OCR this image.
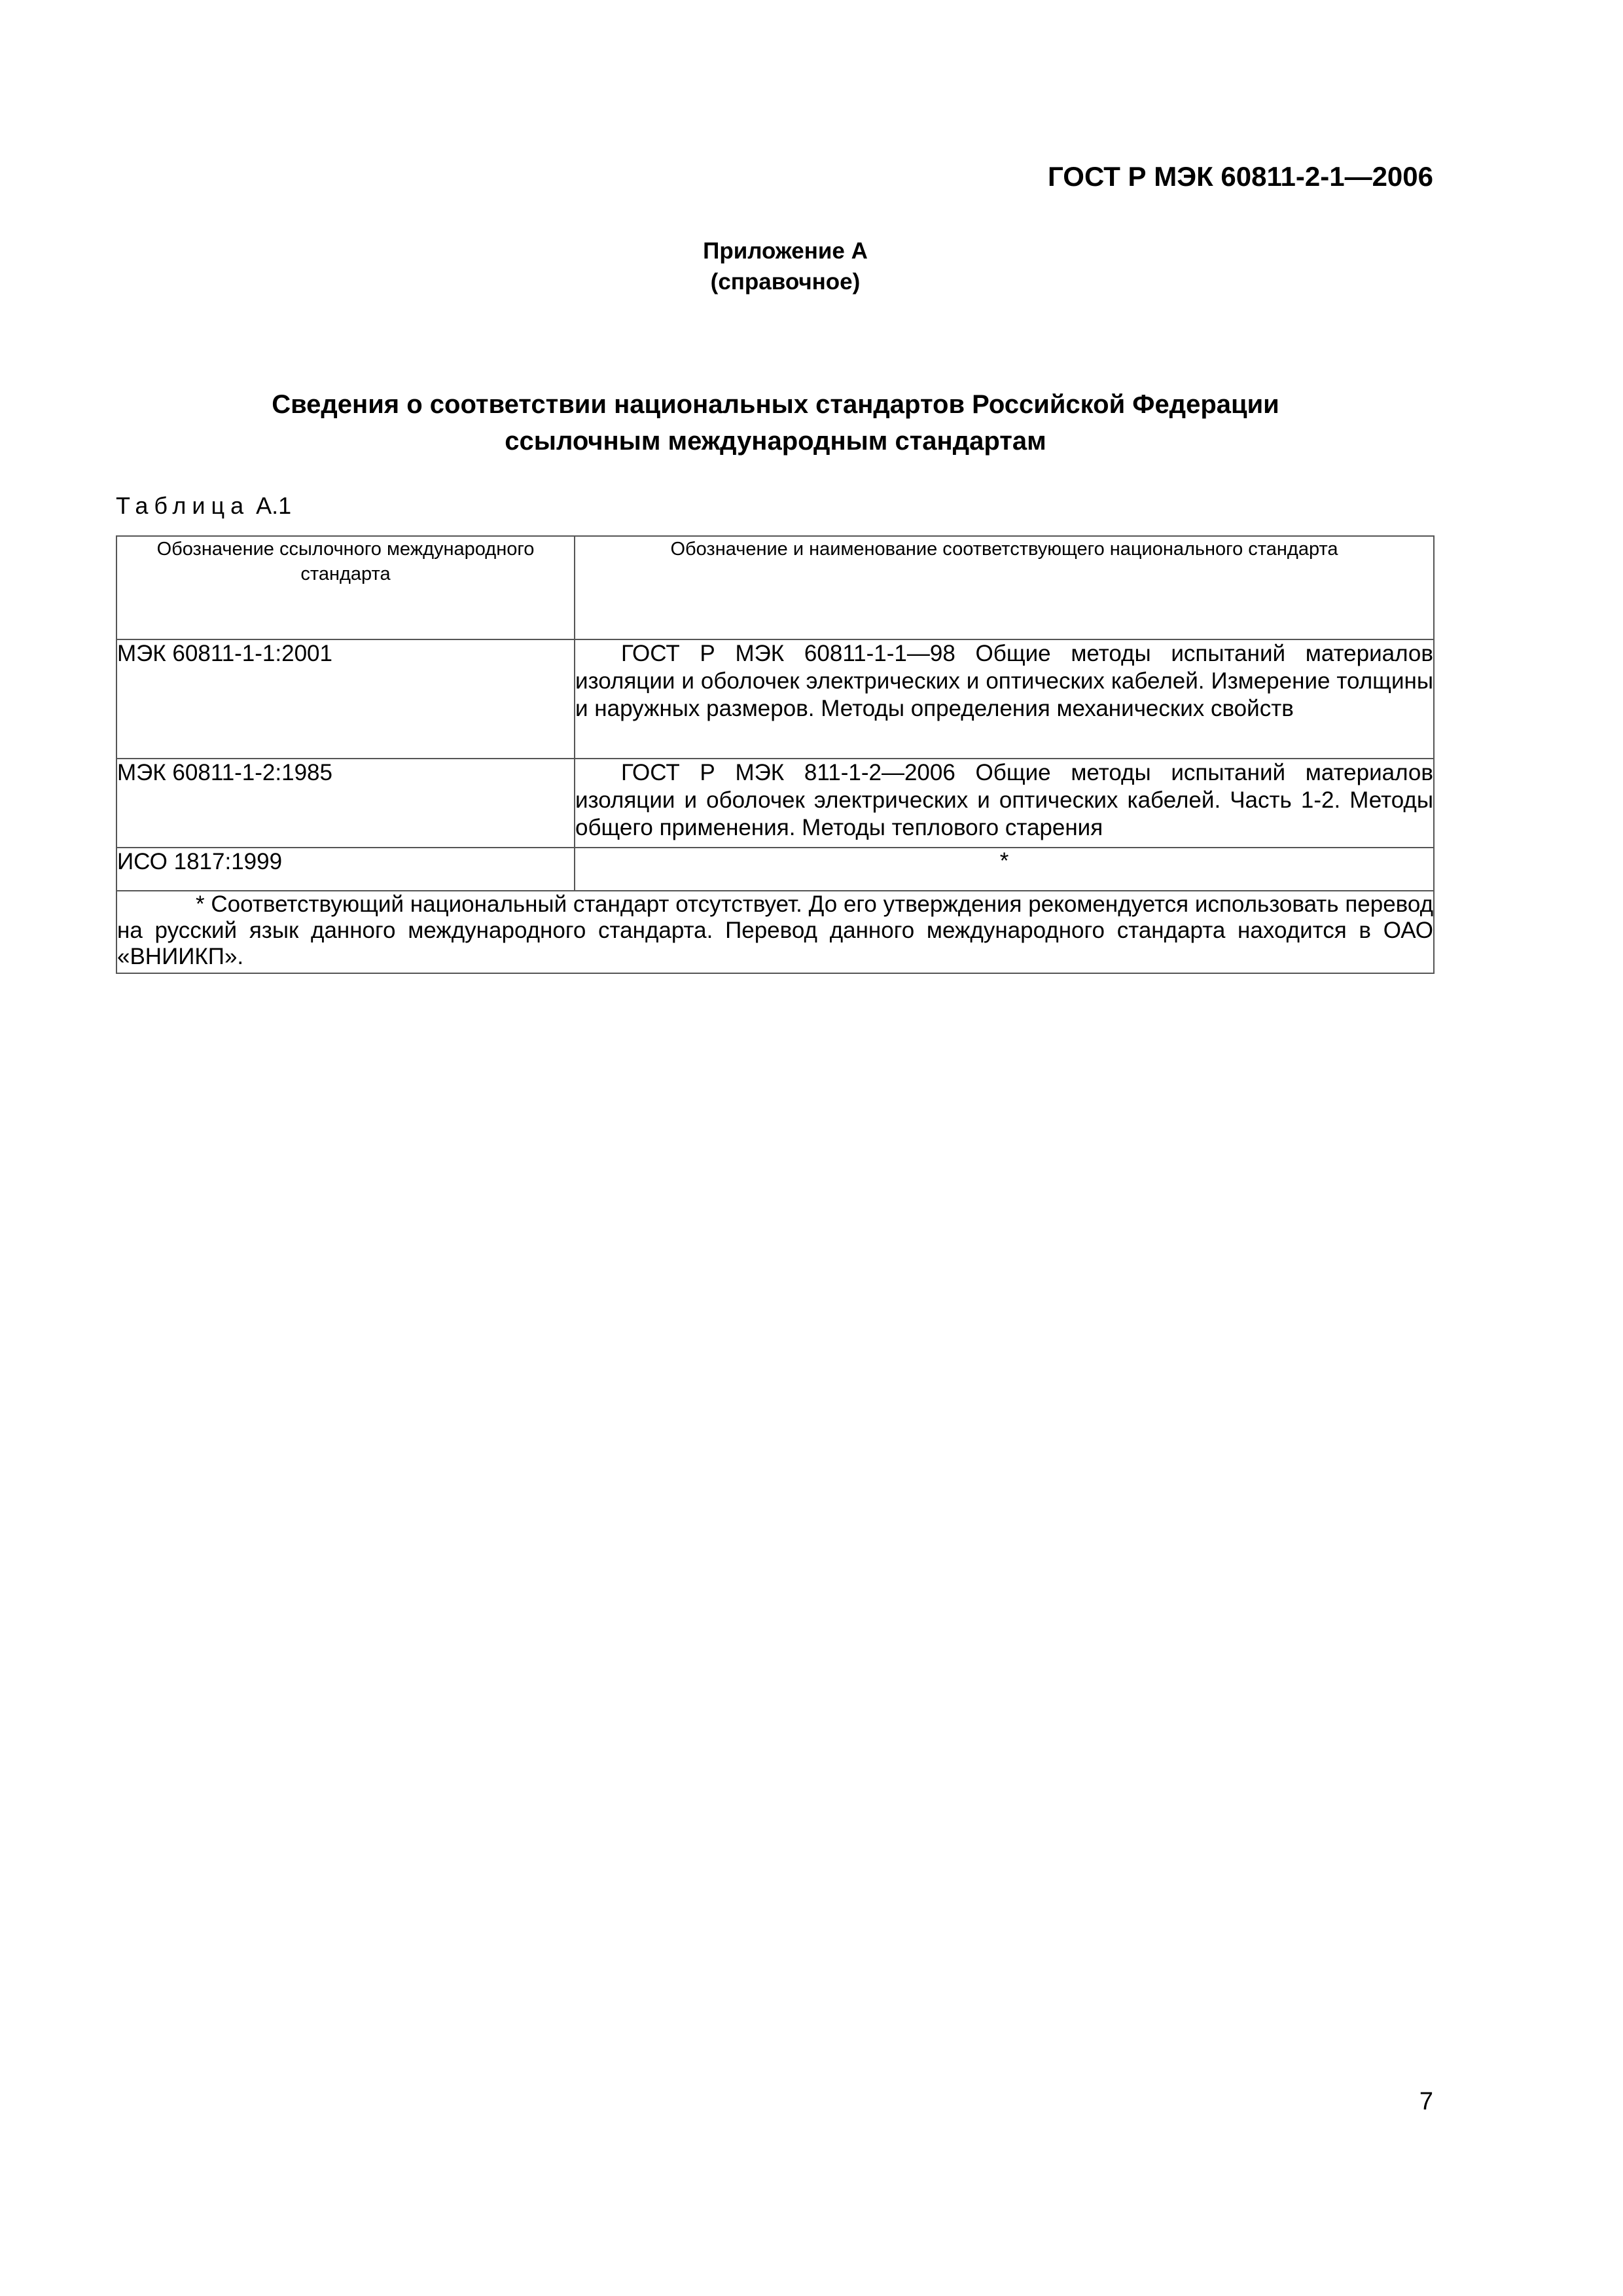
ГОСТ Р МЭК 60811-2-1—2006
Приложение А
(справочное)
Сведения о соответствии национальных стандартов Российской Федерации
ссылочным международным стандартам
Таблица А.1
Обозначение ссылочного международного стандарта	Обозначение и наименование соответствующего национального стандарта
МЭК 60811-1-1:2001	ГОСТ Р МЭК 60811-1-1—98 Общие методы испытаний материалов изоляции и оболочек электрических и оптических кабелей. Измерение толщины и наружных размеров. Методы определения механических свойств
МЭК 60811-1-2:1985	ГОСТ Р МЭК 811-1-2—2006 Общие методы испытаний материалов изоляции и оболочек электрических и оптических кабелей. Часть 1-2. Методы общего применения. Методы теплового старения
ИСО 1817:1999	*
* Соответствующий национальный стандарт отсутствует. До его утверждения рекомендуется использовать перевод на русский язык данного международного стандарта. Перевод данного международного стандарта находится в ОАО «ВНИИКП».	
7
